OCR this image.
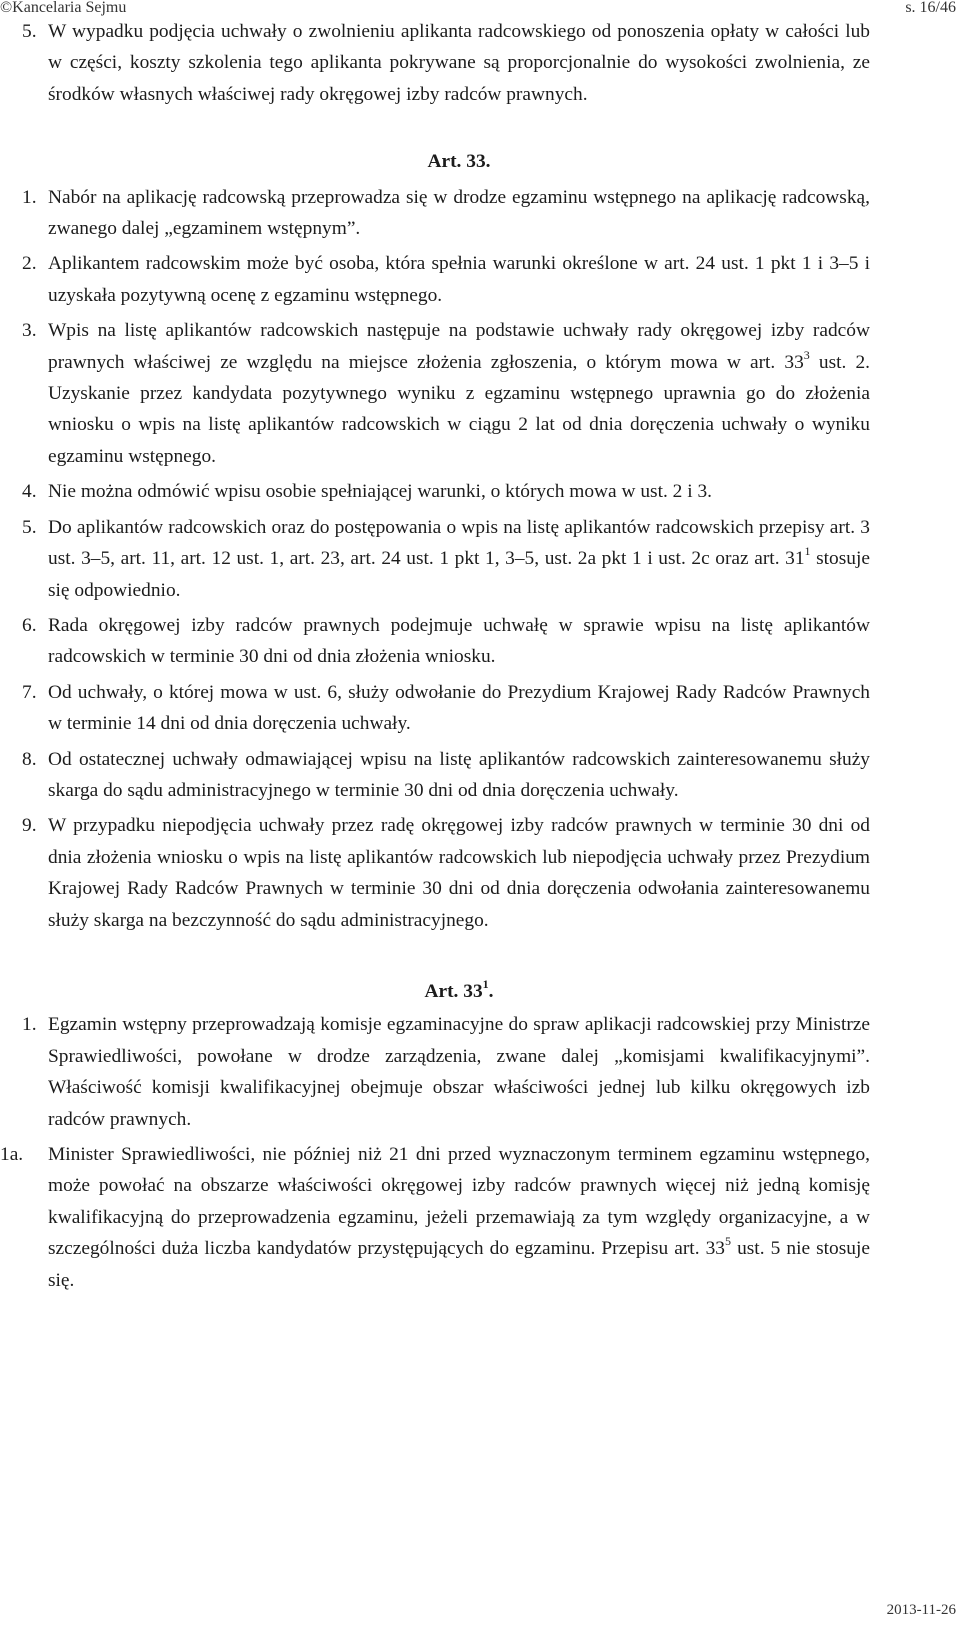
©Kancelaria Sejmu	s. 16/46

5. W wypadku podjęcia uchwały o zwolnieniu aplikanta radcowskiego od ponoszenia opłaty w całości lub w części, koszty szkolenia tego aplikanta pokrywane są proporcjonalnie do wysokości zwolnienia, ze środków własnych właściwej rady okręgowej izby radców prawnych.

Art. 33.

1. Nabór na aplikację radcowską przeprowadza się w drodze egzaminu wstępnego na aplikację radcowską, zwanego dalej „egzaminem wstępnym”.

2. Aplikantem radcowskim może być osoba, która spełnia warunki określone w art. 24 ust. 1 pkt 1 i 3–5 i uzyskała pozytywną ocenę z egzaminu wstępnego.

3. Wpis na listę aplikantów radcowskich następuje na podstawie uchwały rady okręgowej izby radców prawnych właściwej ze względu na miejsce złożenia zgłoszenia, o którym mowa w art. $33^3$ ust. 2. Uzyskanie przez kandydata pozytywnego wyniku z egzaminu wstępnego uprawnia go do złożenia wniosku o wpis na listę aplikantów radcowskich w ciągu 2 lat od dnia doręczenia uchwały o wyniku egzaminu wstępnego.

4. Nie można odmówić wpisu osobie spełniającej warunki, o których mowa w ust. 2 i 3.

5. Do aplikantów radcowskich oraz do postępowania o wpis na listę aplikantów radcowskich przepisy art. 3 ust. 3–5, art. 11, art. 12 ust. 1, art. 23, art. 24 ust. 1 pkt 1, 3–5, ust. 2a pkt 1 i ust. 2c oraz art. $31^1$ stosuje się odpowiednio.

6. Rada okręgowej izby radców prawnych podejmuje uchwałę w sprawie wpisu na listę aplikantów radcowskich w terminie 30 dni od dnia złożenia wniosku.

7. Od uchwały, o której mowa w ust. 6, służy odwołanie do Prezydium Krajowej Rady Radców Prawnych w terminie 14 dni od dnia doręczenia uchwały.

8. Od ostatecznej uchwały odmawiającej wpisu na listę aplikantów radcowskich zainteresowanemu służy skarga do sądu administracyjnego w terminie 30 dni od dnia doręczenia uchwały.

9. W przypadku niepodjęcia uchwały przez radę okręgowej izby radców prawnych w terminie 30 dni od dnia złożenia wniosku o wpis na listę aplikantów radcowskich lub niepodjęcia uchwały przez Prezydium Krajowej Rady Radców Prawnych w terminie 30 dni od dnia doręczenia odwołania zainteresowanemu służy skarga na bezczynność do sądu administracyjnego.

Art. $33^1$.

1. Egzamin wstępny przeprowadzają komisje egzaminacyjne do spraw aplikacji radcowskiej przy Ministrze Sprawiedliwości, powołane w drodze zarządzenia, zwane dalej „komisjami kwalifikacyjnymi”. Właściwość komisji kwalifikacyjnej obejmuje obszar właściwości jednej lub kilku okręgowych izb radców prawnych.

1a. Minister Sprawiedliwości, nie później niż 21 dni przed wyznaczonym terminem egzaminu wstępnego, może powołać na obszarze właściwości okręgowej izby radców prawnych więcej niż jedną komisję kwalifikacyjną do przeprowadzenia egzaminu, jeżeli przemawiają za tym względy organizacyjne, a w szczególności duża liczba kandydatów przystępujących do egzaminu. Przepisu art. $33^5$ ust. 5 nie stosuje się.

2013-11-26
